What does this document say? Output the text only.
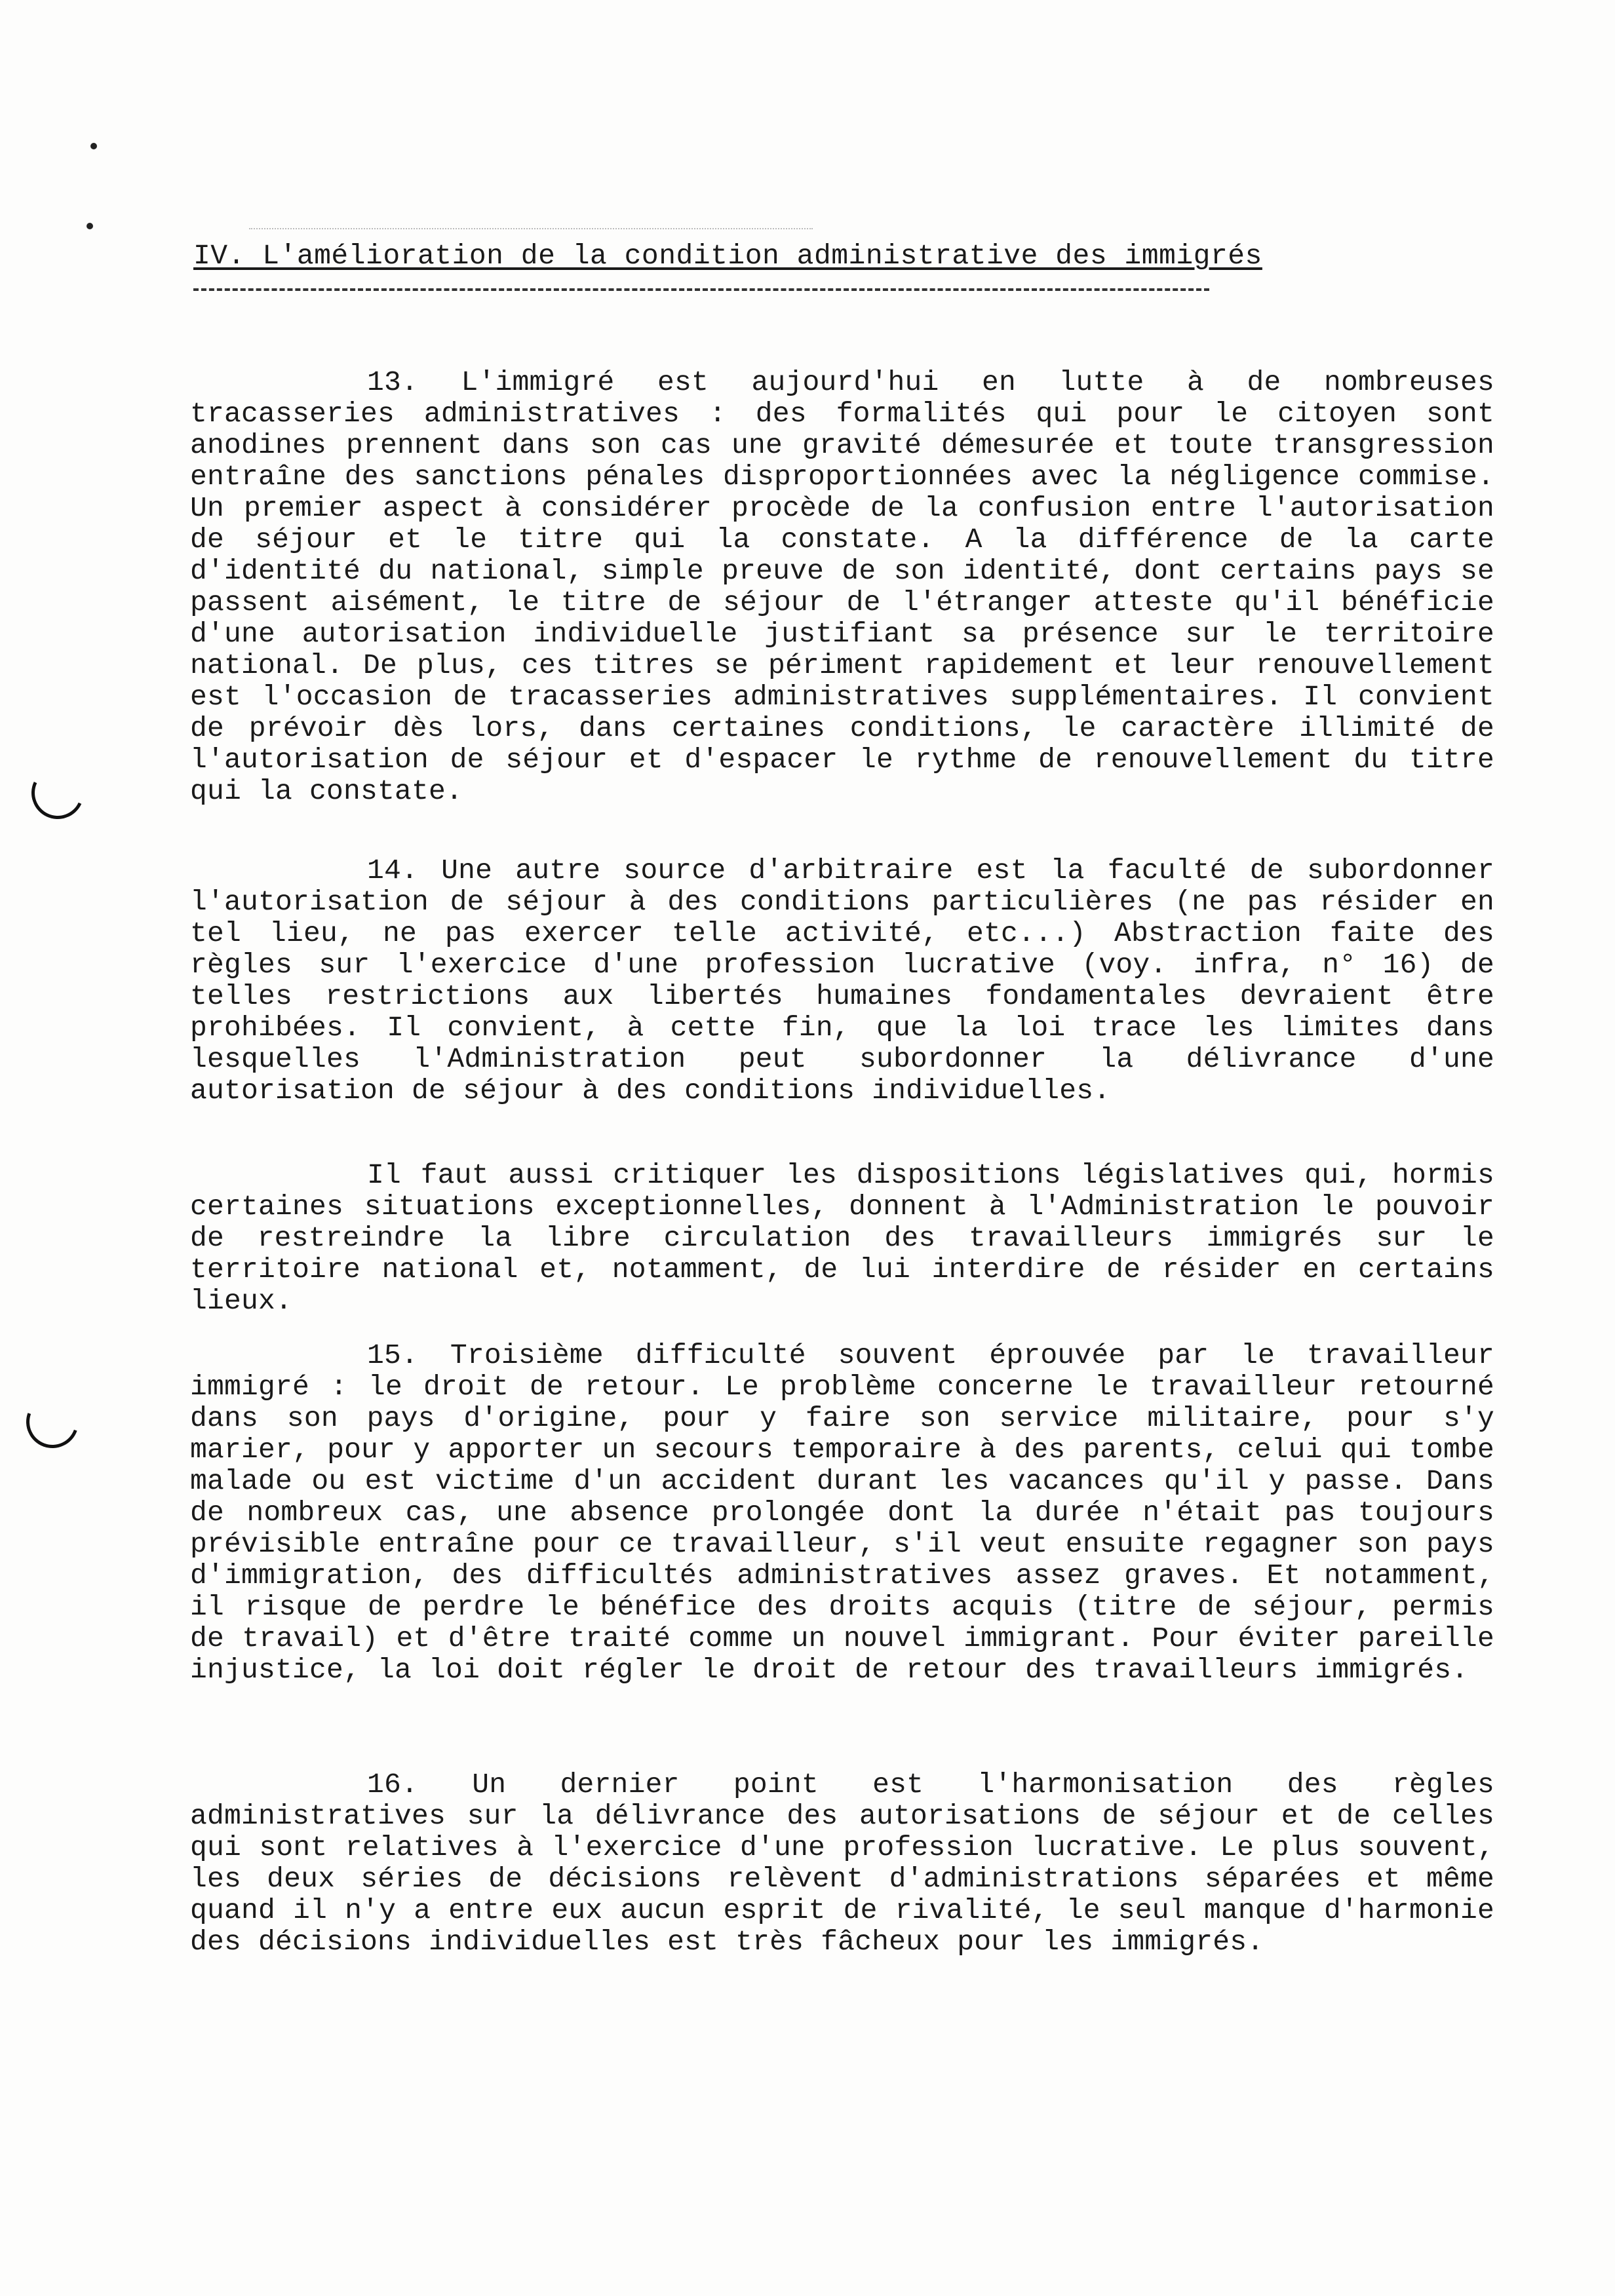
IV. L'amélioration de la condition administrative des immigrés

13. L'immigré est aujourd'hui en lutte à de nombreuses tracasseries administratives : des formalités qui pour le citoyen sont anodines prennent dans son cas une gravité démesurée et toute transgression entraîne des sanctions pénales disproportionnées avec la négligence commise. Un premier aspect à considérer procède de la confusion entre l'autorisation de séjour et le titre qui la constate. A la différence de la carte d'identité du national, simple preuve de son identité, dont certains pays se passent aisément, le titre de séjour de l'étranger atteste qu'il bénéficie d'une autorisation individuelle justifiant sa présence sur le territoire national. De plus, ces titres se périment rapidement et leur renouvellement est l'occasion de tracasseries administratives supplémentaires. Il convient de prévoir dès lors, dans certaines conditions, le caractère illimité de l'autorisation de séjour et d'espacer le rythme de renouvellement du titre qui la constate.

14. Une autre source d'arbitraire est la faculté de subordonner l'autorisation de séjour à des conditions particulières (ne pas résider en tel lieu, ne pas exercer telle activité, etc...) Abstraction faite des règles sur l'exercice d'une profession lucrative (voy. infra, n° 16) de telles restrictions aux libertés humaines fondamentales devraient être prohibées. Il convient, à cette fin, que la loi trace les limites dans lesquelles l'Administration peut subordonner la délivrance d'une autorisation de séjour à des conditions individuelles.

Il faut aussi critiquer les dispositions législatives qui, hormis certaines situations exceptionnelles, donnent à l'Administration le pouvoir de restreindre la libre circulation des travailleurs immigrés sur le territoire national et, notamment, de lui interdire de résider en certains lieux.

15. Troisième difficulté souvent éprouvée par le travailleur immigré : le droit de retour. Le problème concerne le travailleur retourné dans son pays d'origine, pour y faire son service militaire, pour s'y marier, pour y apporter un secours temporaire à des parents, celui qui tombe malade ou est victime d'un accident durant les vacances qu'il y passe. Dans de nombreux cas, une absence prolongée dont la durée n'était pas toujours prévisible entraîne pour ce travailleur, s'il veut ensuite regagner son pays d'immigration, des difficultés administratives assez graves. Et notamment, il risque de perdre le bénéfice des droits acquis (titre de séjour, permis de travail) et d'être traité comme un nouvel immigrant. Pour éviter pareille injustice, la loi doit régler le droit de retour des travailleurs immigrés.

16. Un dernier point est l'harmonisation des règles administratives sur la délivrance des autorisations de séjour et de celles qui sont relatives à l'exercice d'une profession lucrative. Le plus souvent, les deux séries de décisions relèvent d'administrations séparées et même quand il n'y a entre eux aucun esprit de rivalité, le seul manque d'harmonie des décisions individuelles est très fâcheux pour les immigrés.
